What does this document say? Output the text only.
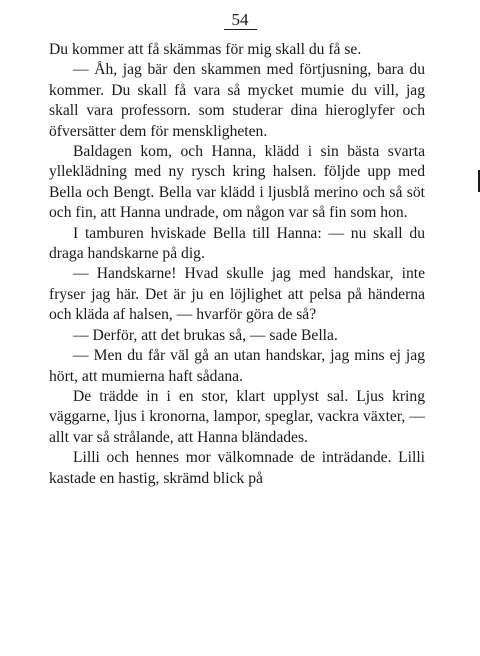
54

Du kommer att få skämmas för mig skall du få se.

— Åh, jag bär den skammen med förtjusning, bara du kommer. Du skall få vara så mycket mumie du vill, jag skall vara professorn. som studerar dina hieroglyfer och öfversätter dem för menskligheten.

Baldagen kom, och Hanna, klädd i sin bästa svarta yllеklädning med ny rysch kring halsen. följde upp med Bella och Bengt. Bella var klädd i ljusblå merino och så söt och fin, att Hanna undrade, om någon var så fin som hon.

I tamburen hviskade Bella till Hanna: — nu skall du draga handskarne på dig.

— Handskarne! Hvad skulle jag med handskar, inte fryser jag här. Det är ju en löjlighet att pelsa på händerna och kläda af halsen, — hvarför göra de så?

— Derför, att det brukas så, — sade Bella.

— Men du får väl gå an utan handskar, jag mins ej jag hört, att mumierna haft sådana.

De trädde in i en stor, klart upplyst sal. Ljus kring väggarne, ljus i kronorna, lampor, speglar, vackra växter, — allt var så strålande, att Hanna bländades.

Lilli och hennes mor välkomnade de inträdande. Lilli kastade en hastig, skrämd blick på
